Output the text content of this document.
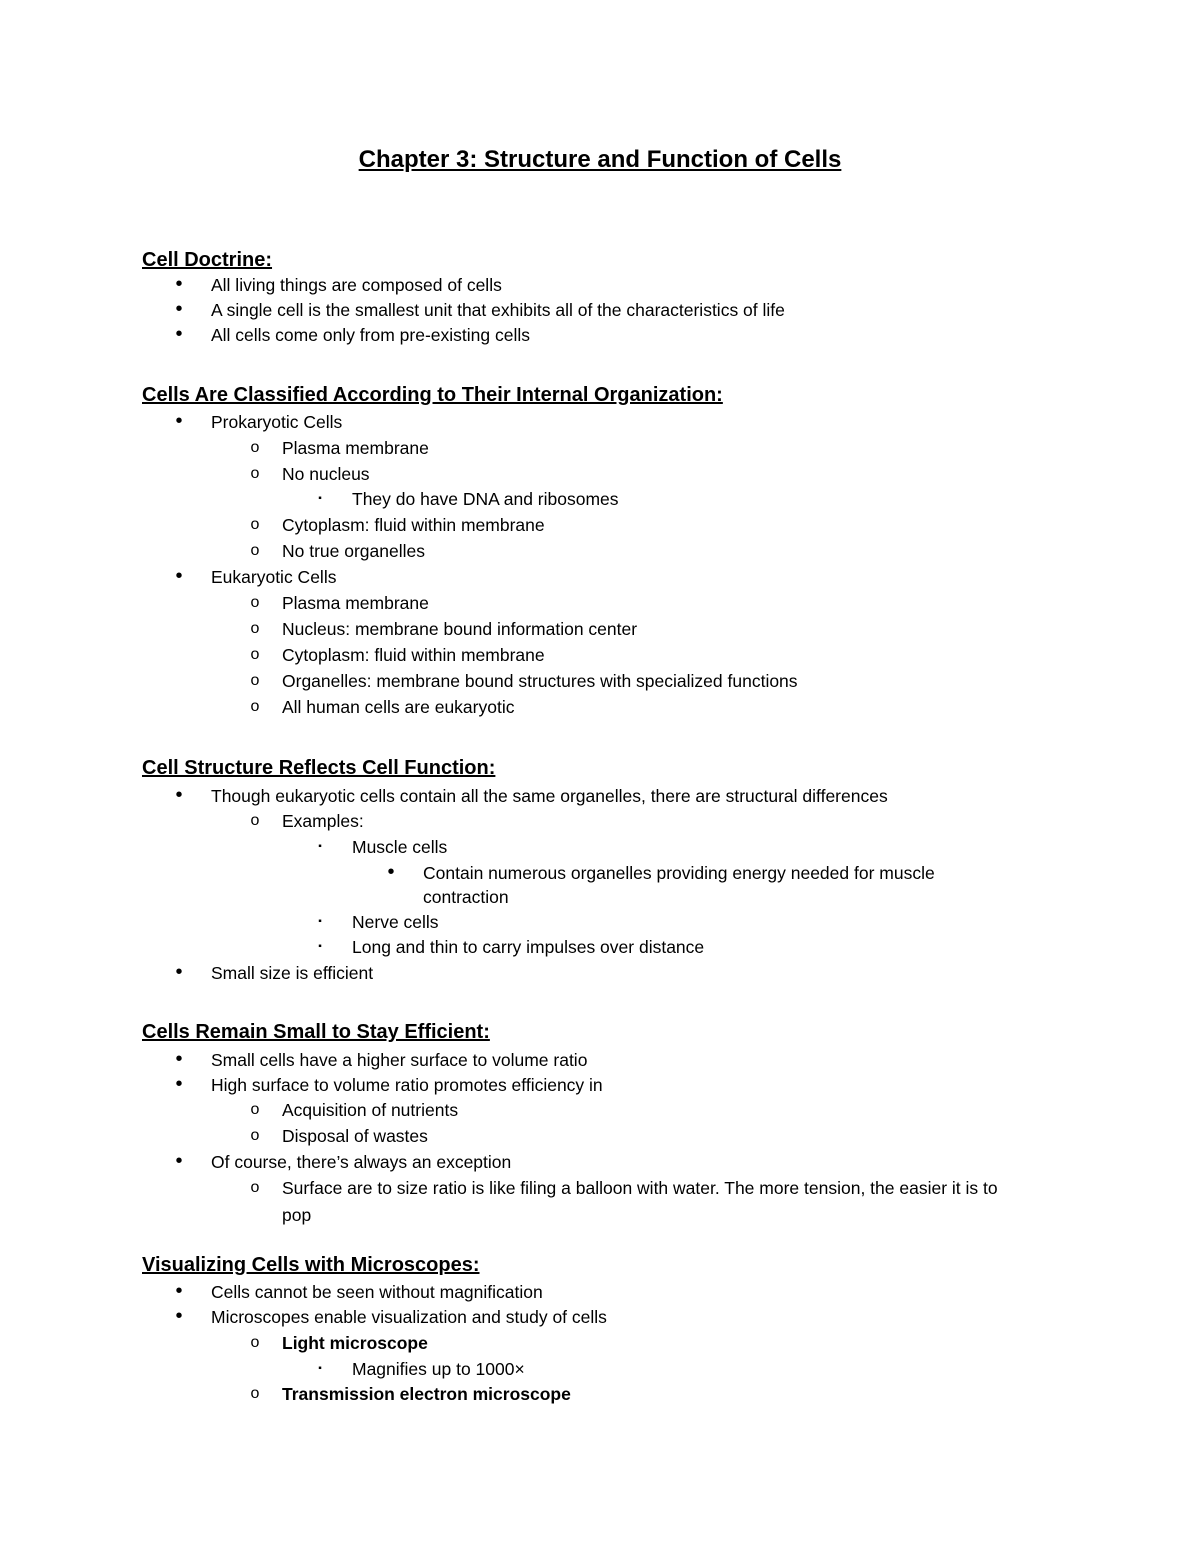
Chapter 3: Structure and Function of Cells
Cell Doctrine:
• All living things are composed of cells
• A single cell is the smallest unit that exhibits all of the characteristics of life
• All cells come only from pre-existing cells
Cells Are Classified According to Their Internal Organization:
• Prokaryotic Cells
o Plasma membrane
o No nucleus
▪	They do have DNA and ribosomes
o Cytoplasm: fluid within membrane
o No true organelles
• Eukaryotic Cells
o Plasma membrane
o Nucleus: membrane bound information center
o Cytoplasm: fluid within membrane
o Organelles: membrane bound structures with specialized functions
o All human cells are eukaryotic
Cell Structure Reflects Cell Function:
• Though eukaryotic cells contain all the same organelles, there are structural differences
o Examples:
▪	Muscle cells
• Contain numerous organelles providing energy needed for muscle
contraction
▪	Nerve cells
▪	Long and thin to carry impulses over distance
• Small size is efficient
Cells Remain Small to Stay Efficient:
• Small cells have a higher surface to volume ratio
• High surface to volume ratio promotes efficiency in
o Acquisition of nutrients
o Disposal of wastes
• Of course, there’s always an exception
o Surface are to size ratio is like filing a balloon with water. The more tension, the easier it is to
pop
Visualizing Cells with Microscopes:
• Cells cannot be seen without magnification
• Microscopes enable visualization and study of cells
o Light microscope
▪	Magnifies up to 1000×
o Transmission electron microscope
